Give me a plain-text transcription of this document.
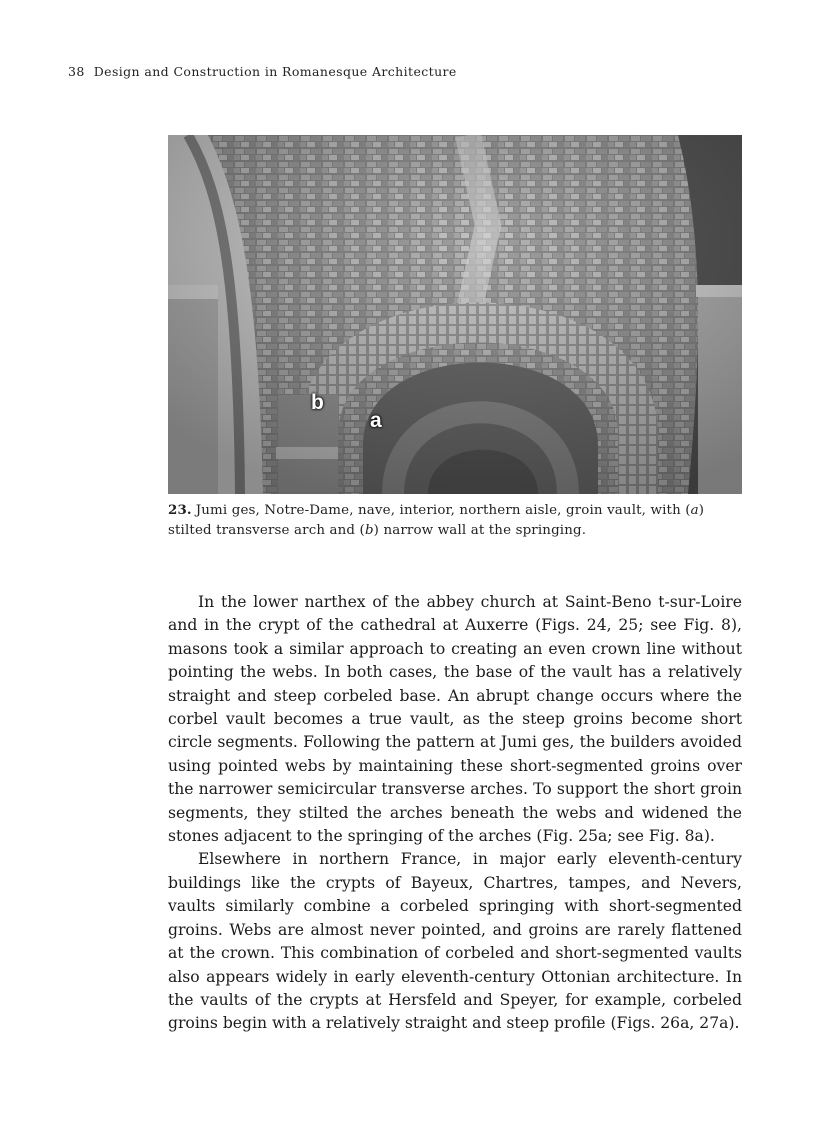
38 Design and Construction in Romanesque Architecture
b
a
23. Jumi ges, Notre-Dame, nave, interior, northern aisle, groin vault, with (a) stilted transverse arch and (b) narrow wall at the springing.

In the lower narthex of the abbey church at Saint-Beno t-sur-Loire and in the crypt of the cathedral at Auxerre (Figs. 24, 25; see Fig. 8), masons took a similar approach to creating an even crown line without pointing the webs. In both cases, the base of the vault has a relatively straight and steep corbeled base. An abrupt change occurs where the corbel vault becomes a true vault, as the steep groins become short circle segments. Following the pattern at Jumi ges, the builders avoided using pointed webs by maintaining these short-segmented groins over the narrower semicircular transverse arches. To support the short groin segments, they stilted the arches beneath the webs and widened the stones adjacent to the springing of the arches (Fig. 25a; see Fig. 8a).

Elsewhere in northern France, in major early eleventh-century buildings like the crypts of Bayeux, Chartres, tampes, and Nevers, vaults similarly combine a corbeled springing with short-segmented groins. Webs are almost never pointed, and groins are rarely flattened at the crown. This combination of corbeled and short-segmented vaults also appears widely in early eleventh-century Ottonian architecture. In the vaults of the crypts at Hersfeld and Speyer, for example, corbeled groins begin with a relatively straight and steep profile (Figs. 26a, 27a).
